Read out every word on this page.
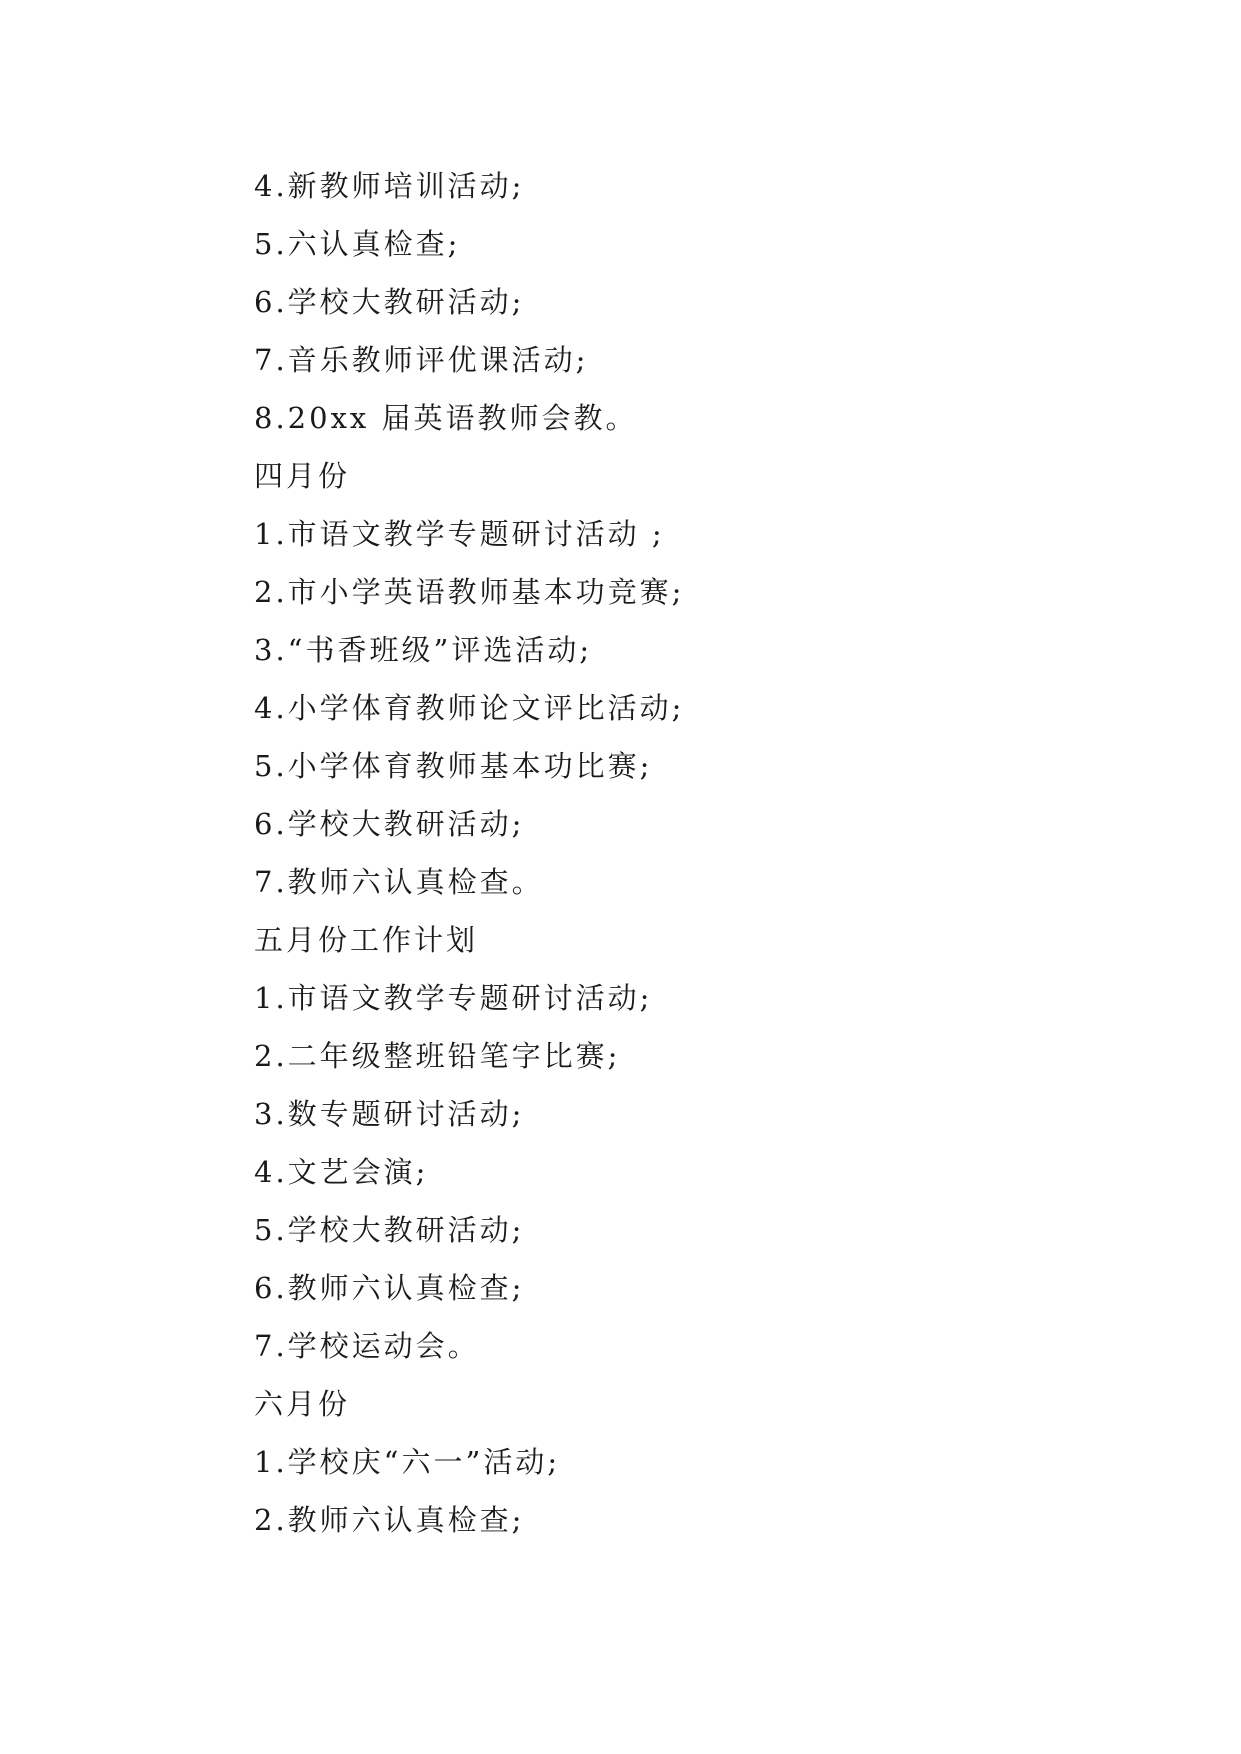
4.新教师培训活动;
5.六认真检查;
6.学校大教研活动;
7.音乐教师评优课活动;
8.20xx 届英语教师会教。
四月份
1.市语文教学专题研讨活动 ;
2.市小学英语教师基本功竞赛;
3.“书香班级”评选活动;
4.小学体育教师论文评比活动;
5.小学体育教师基本功比赛;
6.学校大教研活动;
7.教师六认真检查。
五月份工作计划
1.市语文教学专题研讨活动;
2.二年级整班铅笔字比赛;
3.数专题研讨活动;
4.文艺会演;
5.学校大教研活动;
6.教师六认真检查;
7.学校运动会。
六月份
1.学校庆“六一”活动;
2.教师六认真检查;
